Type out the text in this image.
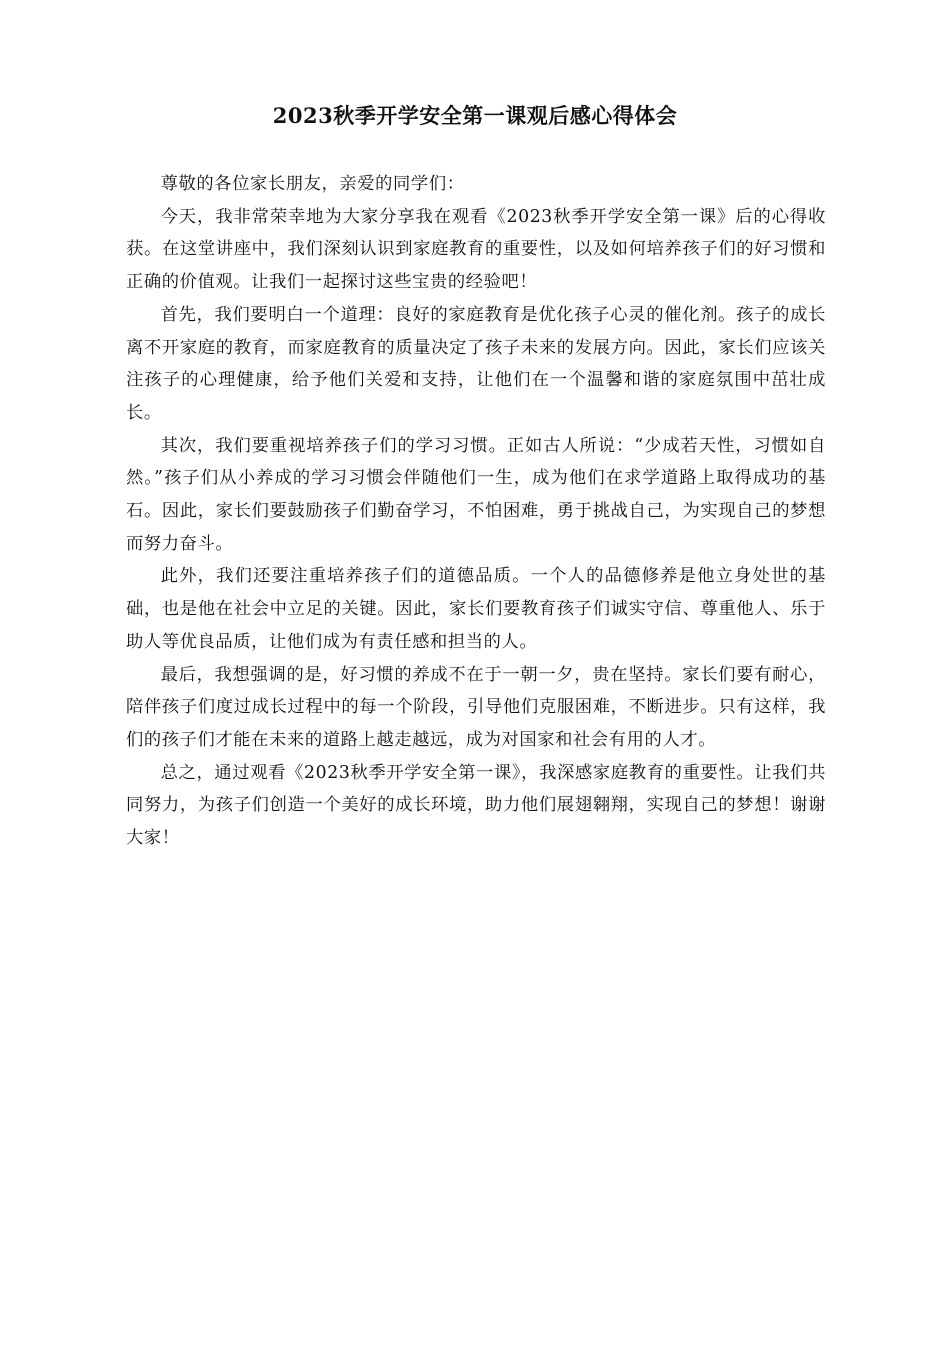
2023秋季开学安全第一课观后感心得体会

尊敬的各位家长朋友，亲爱的同学们：

今天，我非常荣幸地为大家分享我在观看《2023秋季开学安全第一课》后的心得收获。在这堂讲座中，我们深刻认识到家庭教育的重要性，以及如何培养孩子们的好习惯和正确的价值观。让我们一起探讨这些宝贵的经验吧！

首先，我们要明白一个道理：良好的家庭教育是优化孩子心灵的催化剂。孩子的成长离不开家庭的教育，而家庭教育的质量决定了孩子未来的发展方向。因此，家长们应该关注孩子的心理健康，给予他们关爱和支持，让他们在一个温馨和谐的家庭氛围中茁壮成长。

其次，我们要重视培养孩子们的学习习惯。正如古人所说：“少成若天性，习惯如自然。”孩子们从小养成的学习习惯会伴随他们一生，成为他们在求学道路上取得成功的基石。因此，家长们要鼓励孩子们勤奋学习，不怕困难，勇于挑战自己，为实现自己的梦想而努力奋斗。

此外，我们还要注重培养孩子们的道德品质。一个人的品德修养是他立身处世的基础，也是他在社会中立足的关键。因此，家长们要教育孩子们诚实守信、尊重他人、乐于助人等优良品质，让他们成为有责任感和担当的人。

最后，我想强调的是，好习惯的养成不在于一朝一夕，贵在坚持。家长们要有耐心，陪伴孩子们度过成长过程中的每一个阶段，引导他们克服困难，不断进步。只有这样，我们的孩子们才能在未来的道路上越走越远，成为对国家和社会有用的人才。

总之，通过观看《2023秋季开学安全第一课》，我深感家庭教育的重要性。让我们共同努力，为孩子们创造一个美好的成长环境，助力他们展翅翱翔，实现自己的梦想！谢谢大家！
